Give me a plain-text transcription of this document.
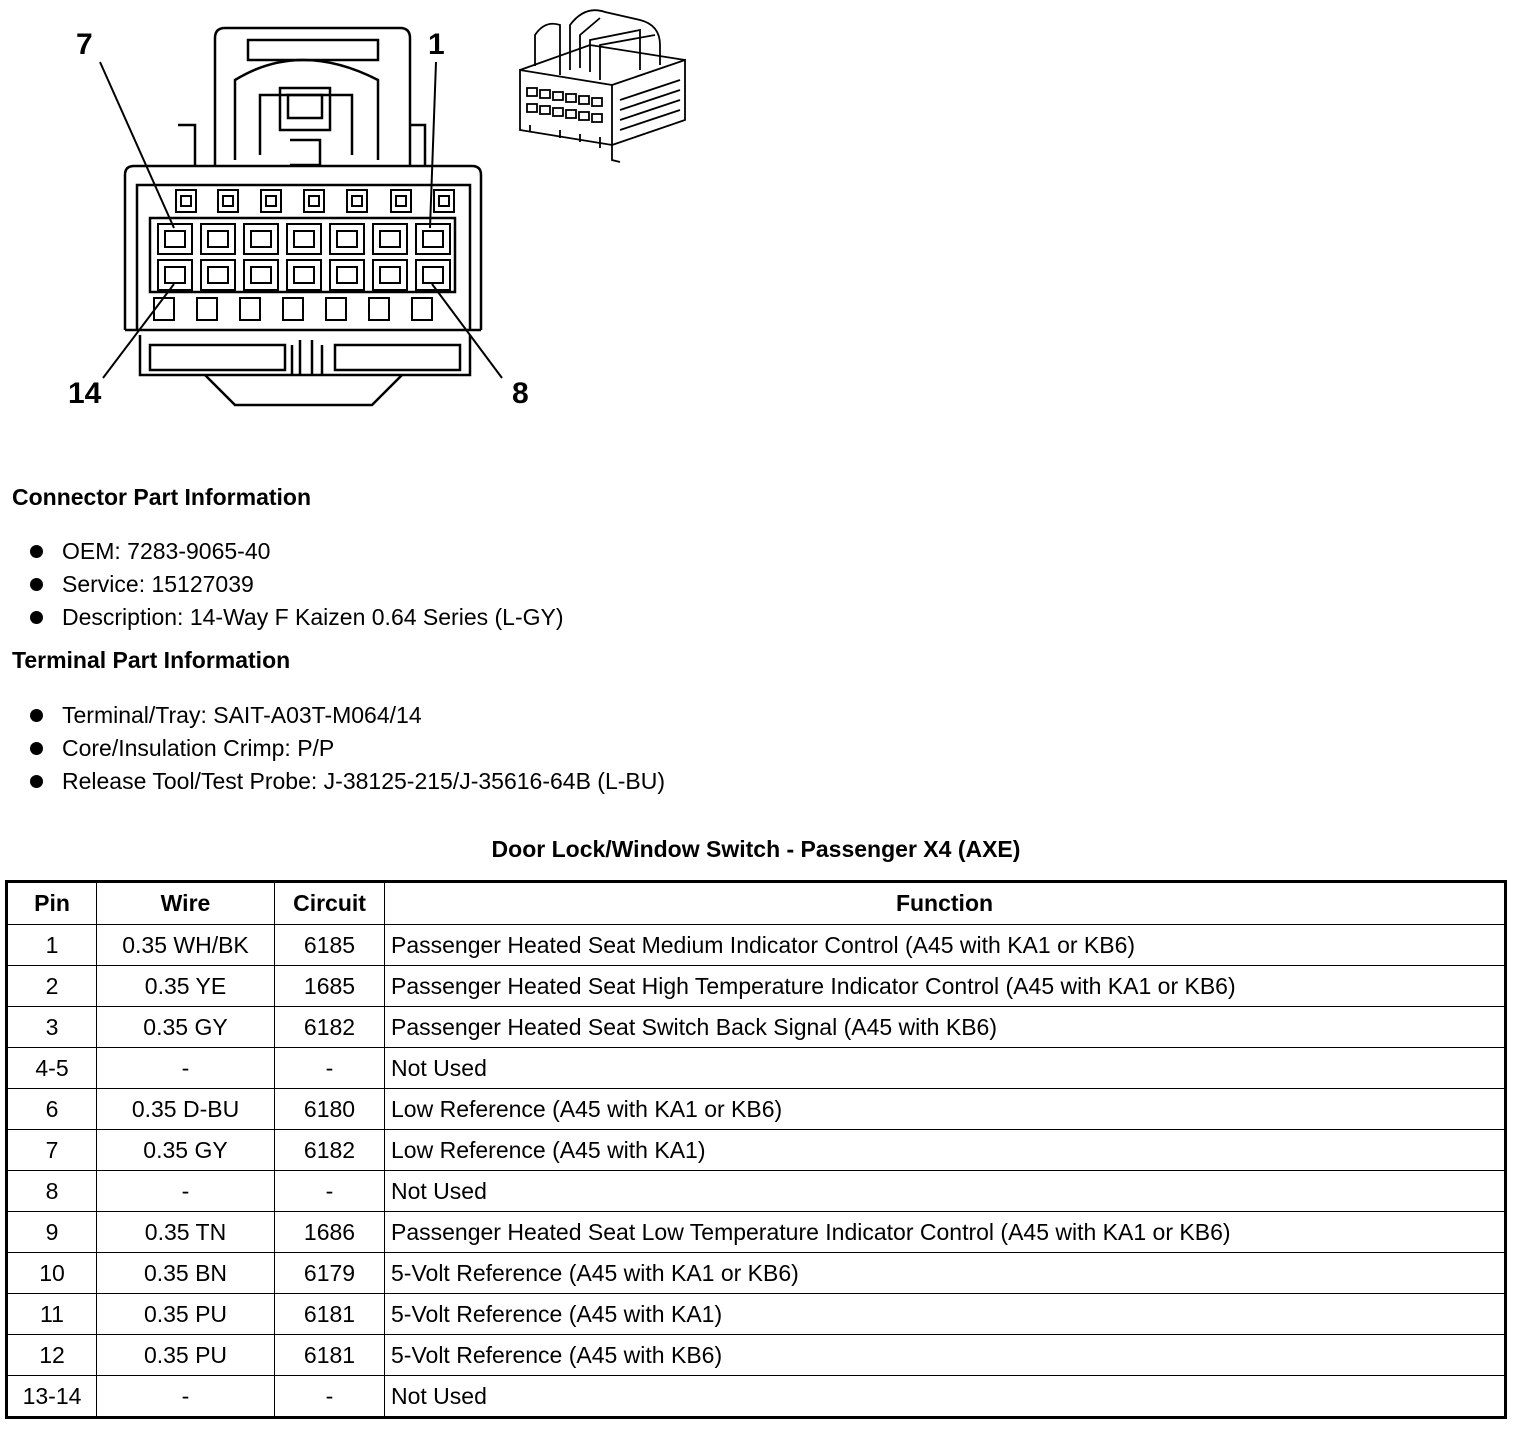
7	1
14	8
Connector Part Information
OEM: 7283-9065-40
Service: 15127039
Description: 14-Way F Kaizen 0.64 Series (L-GY)
Terminal Part Information
Terminal/Tray: SAIT-A03T-M064/14
Core/Insulation Crimp: P/P
Release Tool/Test Probe: J-38125-215/J-35616-64B (L-BU)
Door Lock/Window Switch - Passenger X4 (AXE)
Pin	Wire	Circuit	Function
1	0.35 WH/BK	6185	Passenger Heated Seat Medium Indicator Control (A45 with KA1 or KB6)
2	0.35 YE	1685	Passenger Heated Seat High Temperature Indicator Control (A45 with KA1 or KB6)
3	0.35 GY	6182	Passenger Heated Seat Switch Back Signal (A45 with KB6)
4-5	-	-	Not Used
6	0.35 D-BU	6180	Low Reference (A45 with KA1 or KB6)
7	0.35 GY	6182	Low Reference (A45 with KA1)
8	-	-	Not Used
9	0.35 TN	1686	Passenger Heated Seat Low Temperature Indicator Control (A45 with KA1 or KB6)
10	0.35 BN	6179	5-Volt Reference (A45 with KA1 or KB6)
11	0.35 PU	6181	5-Volt Reference (A45 with KA1)
12	0.35 PU	6181	5-Volt Reference (A45 with KB6)
13-14	-	-	Not Used
